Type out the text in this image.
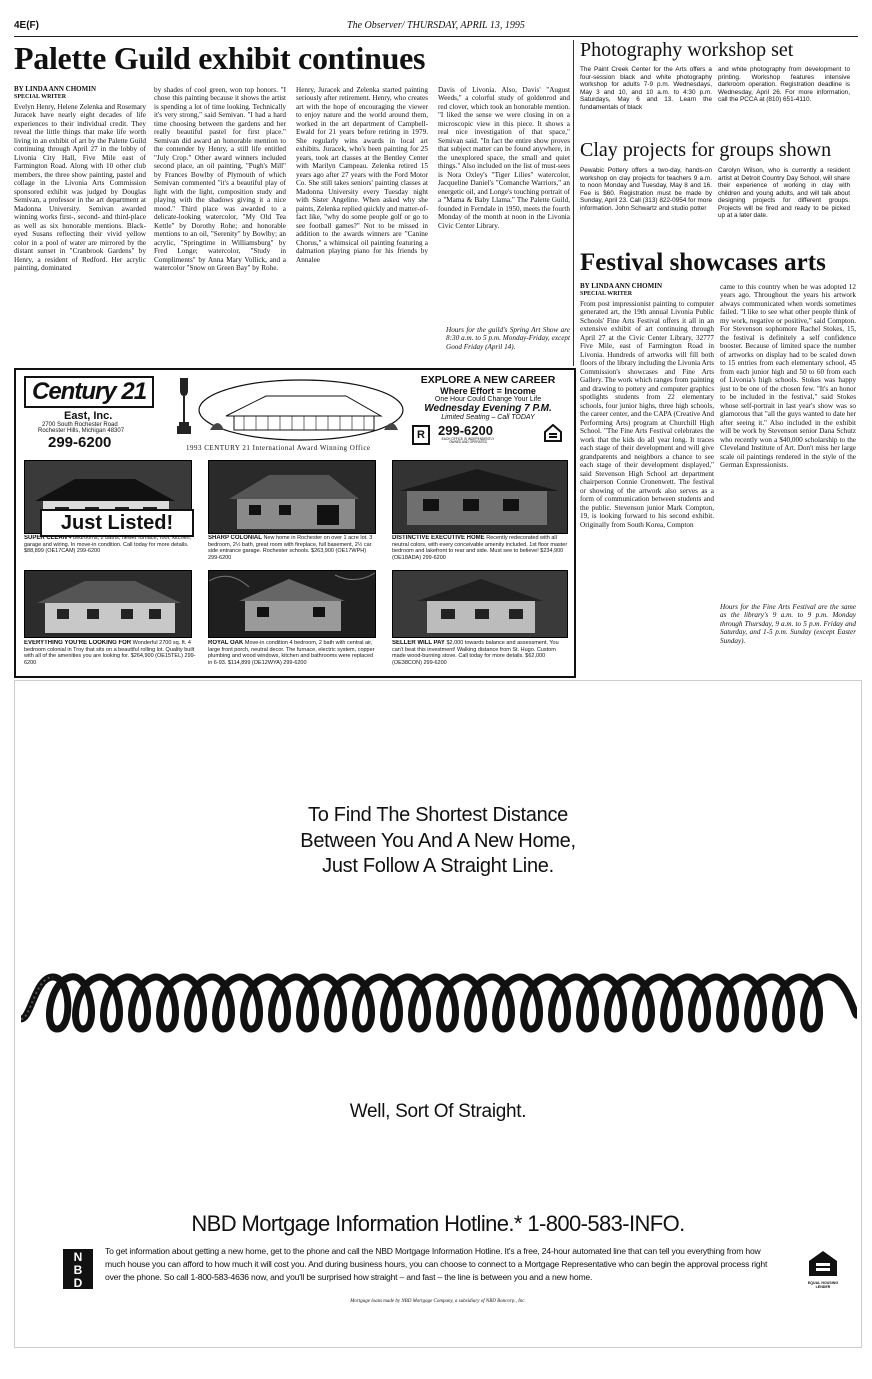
4E(F)	The Observer/ THURSDAY, APRIL 13, 1995
Palette Guild exhibit continues
BY LINDA ANN CHOMIN
SPECIAL WRITER
Evelyn Henry, Helene Zelenka and Rosemary Juracek have nearly eight decades of life experiences to their individual credit. They reveal the little things that make life worth living in an exhibit of art by the Palette Guild continuing through April 27 in the lobby of Livonia City Hall, Five Mile east of Farmington Road. Along with 10 other club members, the three show painting, pastel and collage in the Livonia Arts Commission sponsored exhibit was judged by Douglas Semivan, a professor in the art department at Madonna University. Semivan awarded winning works first-, second- and third-place as well as six honorable mentions. Black-eyed Susans reflecting their vivid yellow color in a pool of water are mirrored by the distant sunset in "Cranbrook Gardens" by Henry, a resident of Redford. Her acrylic painting, dominated
by shades of cool green, won top honors. "I chose this painting because it shows the artist is spending a lot of time looking. Technically it's very strong," said Semivan. "I had a hard time choosing between the gardens and her really beautiful pastel for first place." Semivan did award an honorable mention to the contender by Henry, a still life entitled "July Crop." Other award winners included second place, an oil painting, "Pugh's Mill" by Frances Bowlby of Plymouth of which Semivan commented "it's a beautiful play of light with the light, composition study and playing with the shadows giving it a nice mood." Third place was awarded to a delicate-looking watercolor, "My Old Tea Kettle" by Dorothy Rohe; and honorable mentions to an oil, "Serenity" by Bowlby; an acrylic, "Springtime in Williamsburg" by Fred Longe; watercolor, "Study in Compliments" by Anna Mary Vollick, and a watercolor "Snow on Green Bay" by Rohe.
Henry, Juracek and Zelenka started painting seriously after retirement. Henry, who creates art with the hope of encouraging the viewer to enjoy nature and the world around them, worked in the art department of Campbell-Ewald for 21 years before retiring in 1979. She regularly wins awards in local art exhibits. Juracek, who's been painting for 25 years, took art classes at the Bentley Center with Marilyn Campeau. Zelenka retired 15 years ago after 27 years with the Ford Motor Co. She still takes seniors' painting classes at Madonna University every Tuesday night with Sister Angeline. When asked why she paints, Zelenka replied quickly and matter-of-fact like, "why do some people golf or go to see football games?" Not to be missed in addition to the awards winners are "Canine Chorus," a whimsical oil painting featuring a dalmation playing piano for his friends by Annalee
Davis of Livonia. Also, Davis' "August Weeds," a colorful study of goldenrod and red clover, which took an honorable mention. "I liked the sense we were closing in on a microscopic view in this piece. It shows a real nice investigation of that space," Semivan said. "In fact the entire show proves that subject matter can be found anywhere, in the unexplored space, the small and quiet things." Also included on the list of must-sees is Nora Oxley's "Tiger Lilies" watercolor, Jacqueline Daniel's "Comanche Warriors," an energetic oil, and Longe's touching portrait of a "Mama & Baby Llama." The Palette Guild, founded in Ferndale in 1950, meets the fourth Monday of the month at noon in the Livonia Civic Center Library.
Hours for the guild's Spring Art Show are 8:30 a.m. to 5 p.m. Monday-Friday, except Good Friday (April 14).
Photography workshop set
The Paint Creek Center for the Arts offers a four-session black and white photography workshop for adults 7-9 p.m. Wednesdays, May 3 and 10, and 10 a.m. to 4:30 p.m. Saturdays, May 6 and 13. Learn the fundamentals of black
and white photography from development to printing. Workshop features intensive darkroom operation. Registration deadline is Wednesday, April 26. For more information, call the PCCA at (810) 651-4110.
Clay projects for groups shown
Pewabic Pottery offers a two-day, hands-on workshop on clay projects for teachers 9 a.m. to noon Monday and Tuesday, May 8 and 16. Fee is $60. Registration must be made by Sunday, April 23. Call (313) 822-0954 for more information. John Schwartz and studio potter
Carolyn Wilson, who is currently a resident artist at Detroit Country Day School, will share their experience of working in clay with children and young adults, and will talk about designing projects for different groups. Projects will be fired and ready to be picked up at a later date.
Festival showcases arts
BY LINDA ANN CHOMIN
SPECIAL WRITER
From post impressionist painting to computer generated art, the 19th annual Livonia Public Schools' Fine Arts Festival offers it all in an extensive exhibit of art continuing through April 27 at the Civic Center Library, 32777 Five Mile, east of Farmington Road in Livonia. Hundreds of artworks will fill both floors of the library including the Livonia Arts Commission's showcases and Fine Arts Gallery. The work which ranges from painting and drawing to pottery and computer graphics spotlights students from 22 elementary schools, four junior highs, three high schools, the career center, and the CAPA (Creative And Performing Arts) program at Churchill High School. "The Fine Arts Festival celebrates the work that the kids do all year long. It traces each stage of their development and will give grandparents and neighbors a chance to see each stage of their development displayed," said Stevenson High School art department chairperson Connie Cronenwett. The festival or showing of the artwork also serves as a form of communication between students and the public. Stevenson junior Mark Compton, 19, is looking forward to his second exhibit. Originally from South Korea, Compton
came to this country when he was adopted 12 years ago. Throughout the years his artwork always communicated when words sometimes failed. "I like to see what other people think of my work, negative or positive," said Compton. For Stevenson sophomore Rachel Stokes, 15, the festival is definitely a self confidence booster. Because of limited space the number of artworks on display had to be scaled down to 15 entries from each elementary school, 45 from each junior high and 50 to 60 from each of Livonia's high schools. Stokes was happy just to be one of the chosen few. "It's an honor to be included in the festival," said Stokes whose self-portrait in last year's show was so glamorous that "all the guys wanted to date her after seeing it." Also included in the exhibit will be work by Stevenson senior Dana Schutz who recently won a $40,000 scholarship to the Cleveland Institute of Art. Don't miss her large scale oil paintings rendered in the style of the German Expressionists.
Hours for the Fine Arts Festival are the same as the library's 9 a.m. to 9 p.m. Monday through Thursday, 9 a.m. to 5 p.m. Friday and Saturday, and 1-5 p.m. Sunday (except Easter Sunday).
Century 21
East, Inc.
2700 South Rochester Road
Rochester Hills, Michigan 48307
299-6200	1993 CENTURY 21 International Award Winning Office
EXPLORE A NEW CAREER
Where Effort = Income
One Hour Could Change Your Life
Wednesday Evening 7 P.M.
Limited Seating – Call TODAY
R	299-6200
EACH OFFICE IS INDEPENDENTLY OWNED AND OPERATED
Just Listed!
SUPER CLEAN 4 bedrooms, 2 baths, newer furnace, roof, kitchen, garage and wiring. In move-in condition. Call today for more details. $88,899 (OE17CAM) 299-6200
SHARP COLONIAL New home in Rochester on over 1 acre lot. 3 bedroom, 2½ bath, great room with fireplace, full basement, 2½ car side entrance garage. Rochester schools. $263,900 (OE17WPH) 299-6200
DISTINCTIVE EXECUTIVE HOME Recently redecorated with all neutral colors, with every conceivable amenity included. 1st floor master bedroom and lakefront to rear and side. Must see to believe! $234,900 (OE18ADA) 299-6200
EVERYTHING YOU'RE LOOKING FOR Wonderful 2700 sq. ft. 4 bedroom colonial in Troy that sits on a beautiful rolling lot. Quality built with all of the amenities you are looking for. $264,900 (OE15TEL) 299-6200
ROYAL OAK Move-in condition 4 bedroom, 2 bath with central air, large front porch, neutral decor. The furnace, electric system, copper plumbing and wood windows, kitchen and bathrooms were replaced in 6-93. $114,899 (OE12WYA) 299-6200
SELLER WILL PAY $2,000 towards balance and assessment. You can't beat this investment! Walking distance from St. Hugo. Custom made wood-burning stove. Call today for more details. $62,000 (OE38CON) 299-6200
To Find The Shortest Distance
Between You And A New Home,
Just Follow A Straight Line.
Well, Sort Of Straight.
NBD Mortgage Information Hotline.* 1-800-583-INFO.
NBD
To get information about getting a new home, get to the phone and call the NBD Mortgage Information Hotline. It's a free, 24-hour automated line that can tell you everything from how much house you can afford to how much it will cost you. And during business hours, you can choose to connect to a Mortgage Representative who can begin the approval process right over the phone. So call 1-800-583-4636 now, and you'll be surprised how straight – and fast – the line is between you and a new home.
EQUAL HOUSING LENDER
Mortgage loans made by NBD Mortgage Company, a subsidiary of NBD Bancorp., Inc.
